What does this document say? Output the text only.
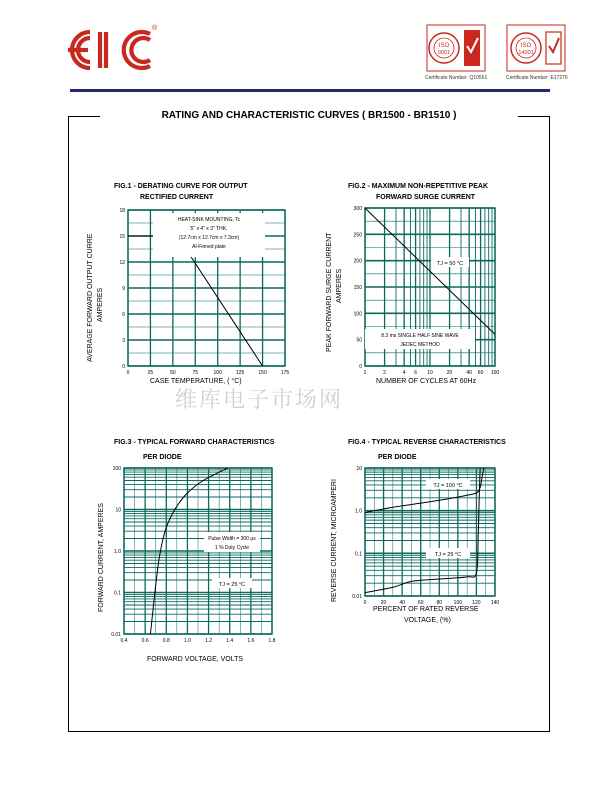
®
ISO
9001
Certificate Number: Q10561
ISO
14001
Certificate Number: E17276
RATING AND CHARACTERISTIC CURVES ( BR1500 - BR1510 )
维库电子市场网
FIG.1 - DERATING CURVE FOR OUTPUT
RECTIFIED CURRENT
AVERAGE FORWARD OUTPUT CURRE AMPERES
CASE TEMPERATURE, ( °C)
0	25	50	75	100	125	150	175
0
3
6
9
12
15
18
HEAT-SINK MOUNTING, Tc
5" x 4" x 3" THK.
(12.7cm x 12.7cm x 7.3cm)
Al-Finned plate
FIG.2 - MAXIMUM NON-REPETITIVE PEAK
FORWARD SURGE CURRENT
PEAK FORWARD SURGE CURRENT AMPERES
NUMBER OF CYCLES AT 60Hz
1	2	4 6 10	20	40 60 100
0
50
100
150
200
250
300
TJ = 50 °C
8.3 ms SINGLE HALF SINE WAVE
JEDEC METHOD
FIG.3 - TYPICAL FORWARD CHARACTERISTICS
PER DIODE
FORWARD CURRENT, AMPERES
FORWARD VOLTAGE, VOLTS
0.4	0.6	0.8	1.0	1.2	1.4	1.6	1.8
0.01
0.1
1.0
10
100
Pulse Width = 300 μs
1 % Duty Cycle
TJ = 25 °C
FIG.4 - TYPICAL REVERSE CHARACTERISTICS
PER DIODE
REVERSE CURRENT, MICROAMPERI
PERCENT OF RATED REVERSE
VOLTAGE, (%)
0	20	40	60	80 100 120 140
0.01
0.1
1.0
10
TJ = 100 °C
TJ = 25 °C
